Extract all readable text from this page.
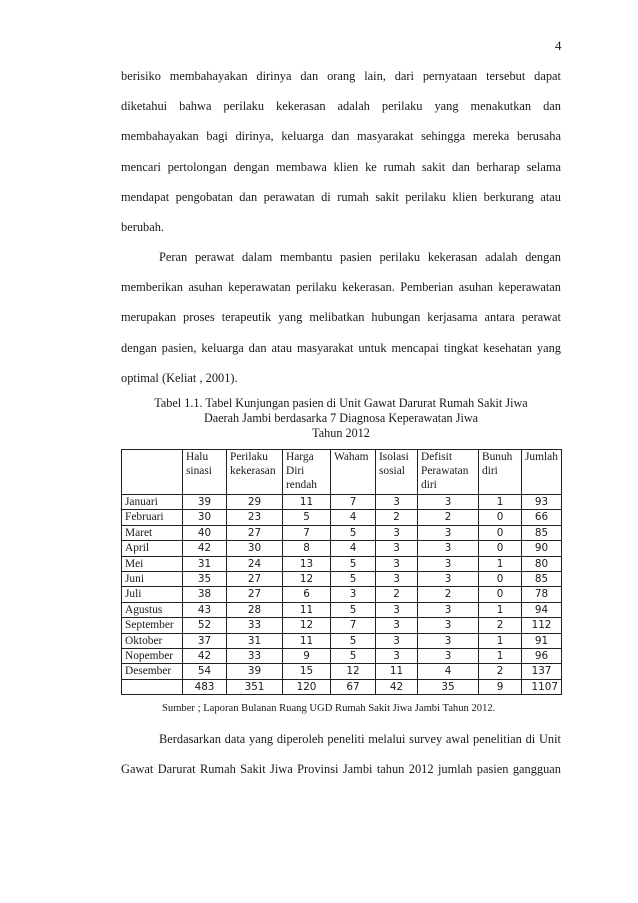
4
berisiko membahayakan dirinya dan orang lain, dari pernyataan tersebut dapat
diketahui bahwa perilaku kekerasan adalah perilaku yang menakutkan dan
membahayakan bagi dirinya, keluarga dan masyarakat sehingga mereka berusaha
mencari pertolongan dengan membawa klien ke rumah sakit dan berharap selama
mendapat pengobatan dan perawatan di rumah sakit perilaku klien berkurang atau
berubah.
Peran perawat dalam membantu pasien perilaku kekerasan adalah dengan
memberikan asuhan keperawatan perilaku kekerasan. Pemberian asuhan keperawatan
merupakan proses terapeutik yang melibatkan hubungan kerjasama antara perawat
dengan pasien, keluarga dan atau masyarakat untuk mencapai tingkat kesehatan yang
optimal (Keliat , 2001).
Tabel 1.1. Tabel Kunjungan pasien di Unit Gawat Darurat Rumah Sakit Jiwa
Daerah Jambi berdasarka 7 Diagnosa Keperawatan Jiwa
Tahun 2012
	Halu sinasi	Perilaku kekerasan	Harga Diri rendah	Waham	Isolasi sosial	Defisit Perawatan diri	Bunuh diri	Jumlah
Januari	39	29	11	7	3	3	1	93
Februari	30	23	5	4	2	2	0	66
Maret	40	27	7	5	3	3	0	85
April	42	30	8	4	3	3	0	90
Mei	31	24	13	5	3	3	1	80
Juni	35	27	12	5	3	3	0	85
Juli	38	27	6	3	2	2	0	78
Agustus	43	28	11	5	3	3	1	94
September	52	33	12	7	3	3	2	112
Oktober	37	31	11	5	3	3	1	91
Nopember	42	33	9	5	3	3	1	96
Desember	54	39	15	12	11	4	2	137
	483	351	120	67	42	35	9	1107
Sumber ; Laporan Bulanan Ruang UGD Rumah Sakit Jiwa Jambi Tahun 2012.
Berdasarkan data yang diperoleh peneliti melalui survey awal penelitian di Unit
Gawat Darurat Rumah Sakit Jiwa Provinsi Jambi tahun 2012 jumlah pasien gangguan
